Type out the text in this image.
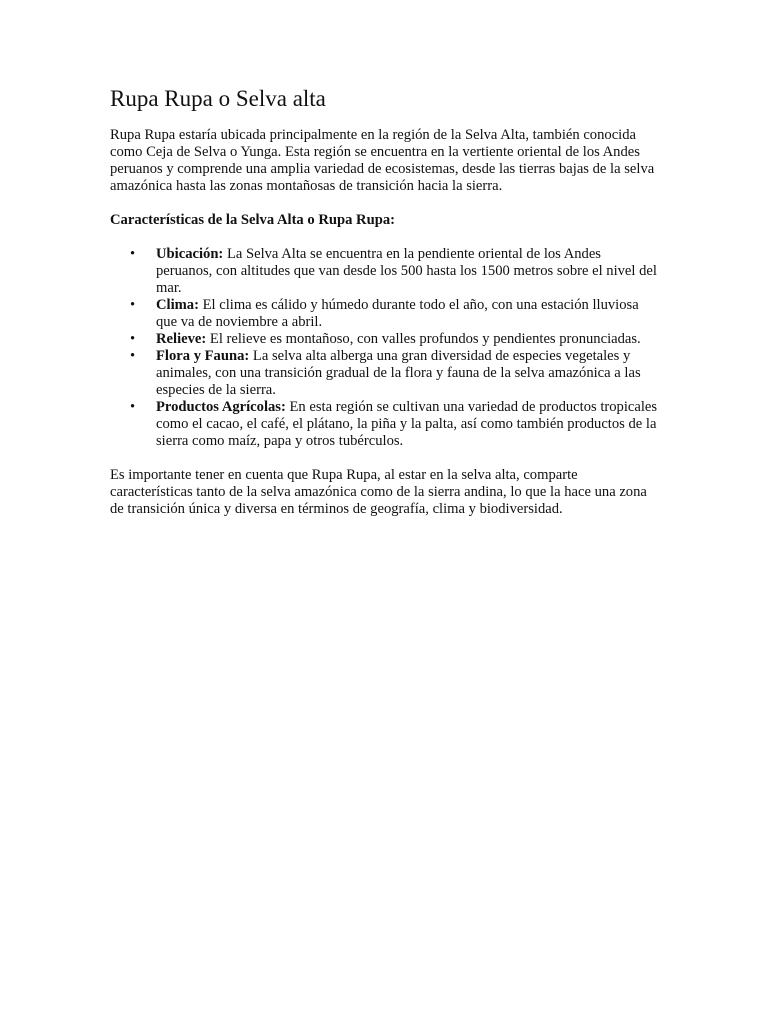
Rupa Rupa o Selva alta

Rupa Rupa estaría ubicada principalmente en la región de la Selva Alta, también conocida como Ceja de Selva o Yunga. Esta región se encuentra en la vertiente oriental de los Andes peruanos y comprende una amplia variedad de ecosistemas, desde las tierras bajas de la selva amazónica hasta las zonas montañosas de transición hacia la sierra.

Características de la Selva Alta o Rupa Rupa:

• Ubicación: La Selva Alta se encuentra en la pendiente oriental de los Andes peruanos, con altitudes que van desde los 500 hasta los 1500 metros sobre el nivel del mar.
• Clima: El clima es cálido y húmedo durante todo el año, con una estación lluviosa que va de noviembre a abril.
• Relieve: El relieve es montañoso, con valles profundos y pendientes pronunciadas.
• Flora y Fauna: La selva alta alberga una gran diversidad de especies vegetales y animales, con una transición gradual de la flora y fauna de la selva amazónica a las especies de la sierra.
• Productos Agrícolas: En esta región se cultivan una variedad de productos tropicales como el cacao, el café, el plátano, la piña y la palta, así como también productos de la sierra como maíz, papa y otros tubérculos.

Es importante tener en cuenta que Rupa Rupa, al estar en la selva alta, comparte características tanto de la selva amazónica como de la sierra andina, lo que la hace una zona de transición única y diversa en términos de geografía, clima y biodiversidad.
